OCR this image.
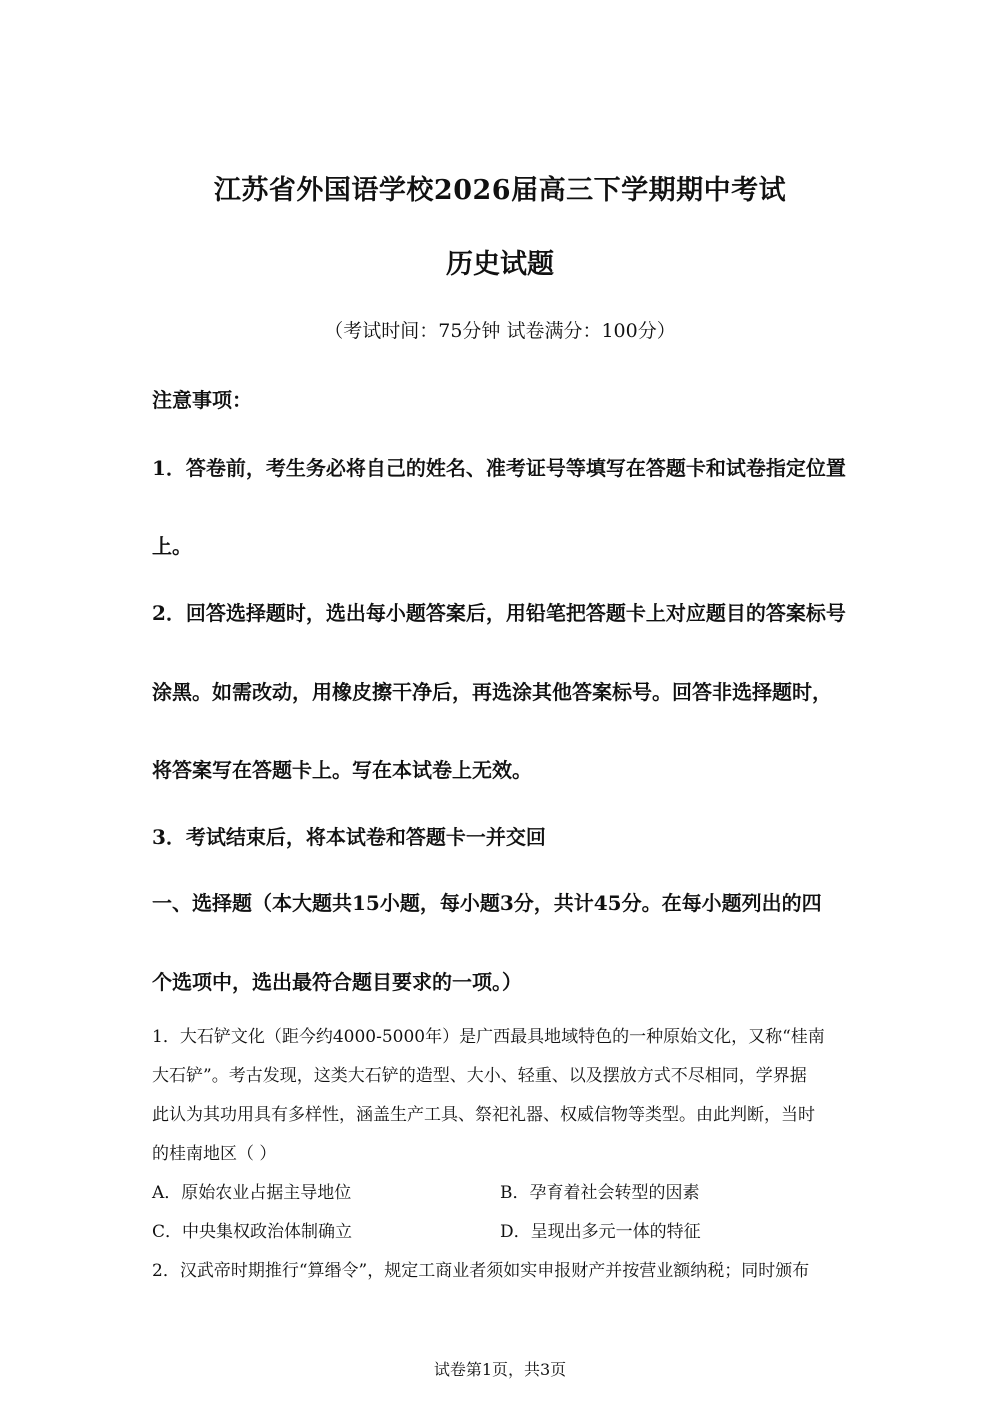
江苏省外国语学校2026届高三下学期期中考试
历史试题
（考试时间：75分钟 试卷满分：100分）
注意事项：
1．答卷前，考生务必将自己的姓名、准考证号等填写在答题卡和试卷指定位置
上。
2．回答选择题时，选出每小题答案后，用铅笔把答题卡上对应题目的答案标号
涂黑。如需改动，用橡皮擦干净后，再选涂其他答案标号。回答非选择题时，
将答案写在答题卡上。写在本试卷上无效。
3．考试结束后，将本试卷和答题卡一并交回
一、选择题（本大题共15小题，每小题3分，共计45分。在每小题列出的四
个选项中，选出最符合题目要求的一项。）
1．大石铲文化（距今约4000-5000年）是广西最具地域特色的一种原始文化，又称“桂南
大石铲”。考古发现，这类大石铲的造型、大小、轻重、以及摆放方式不尽相同，学界据
此认为其功用具有多样性，涵盖生产工具、祭祀礼器、权威信物等类型。由此判断，当时
的桂南地区（ ）
A．原始农业占据主导地位	B．孕育着社会转型的因素
C．中央集权政治体制确立	D．呈现出多元一体的特征
2．汉武帝时期推行“算缗令”，规定工商业者须如实申报财产并按营业额纳税；同时颁布
试卷第1页，共3页
